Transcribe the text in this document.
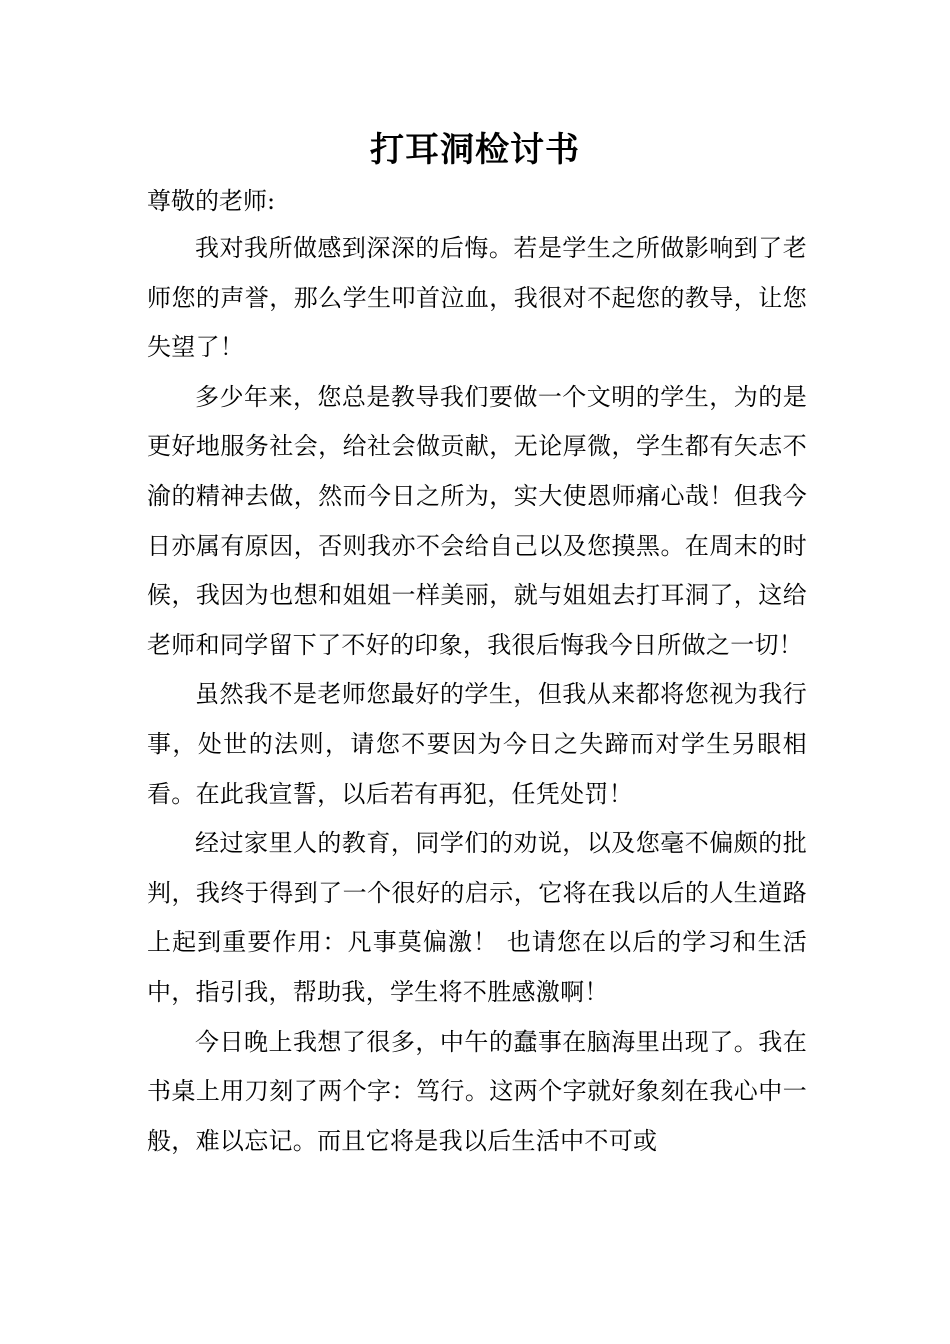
打耳洞检讨书

尊敬的老师:

我对我所做感到深深的后悔。若是学生之所做影响到了老师您的声誉，那么学生叩首泣血，我很对不起您的教导，让您失望了！

多少年来，您总是教导我们要做一个文明的学生，为的是更好地服务社会，给社会做贡献，无论厚微，学生都有矢志不渝的精神去做，然而今日之所为，实大使恩师痛心哉！但我今日亦属有原因，否则我亦不会给自己以及您摸黑。在周末的时候，我因为也想和姐姐一样美丽，就与姐姐去打耳洞了，这给老师和同学留下了不好的印象，我很后悔我今日所做之一切！

虽然我不是老师您最好的学生，但我从来都将您视为我行事，处世的法则，请您不要因为今日之失蹄而对学生另眼相看。在此我宣誓，以后若有再犯，任凭处罚！

经过家里人的教育，同学们的劝说，以及您毫不偏颇的批判，我终于得到了一个很好的启示，它将在我以后的人生道路上起到重要作用：凡事莫偏激！ 也请您在以后的学习和生活中，指引我，帮助我，学生将不胜感激啊！

今日晚上我想了很多，中午的蠢事在脑海里出现了。我在书桌上用刀刻了两个字：笃行。这两个字就好象刻在我心中一般，难以忘记。而且它将是我以后生活中不可或
